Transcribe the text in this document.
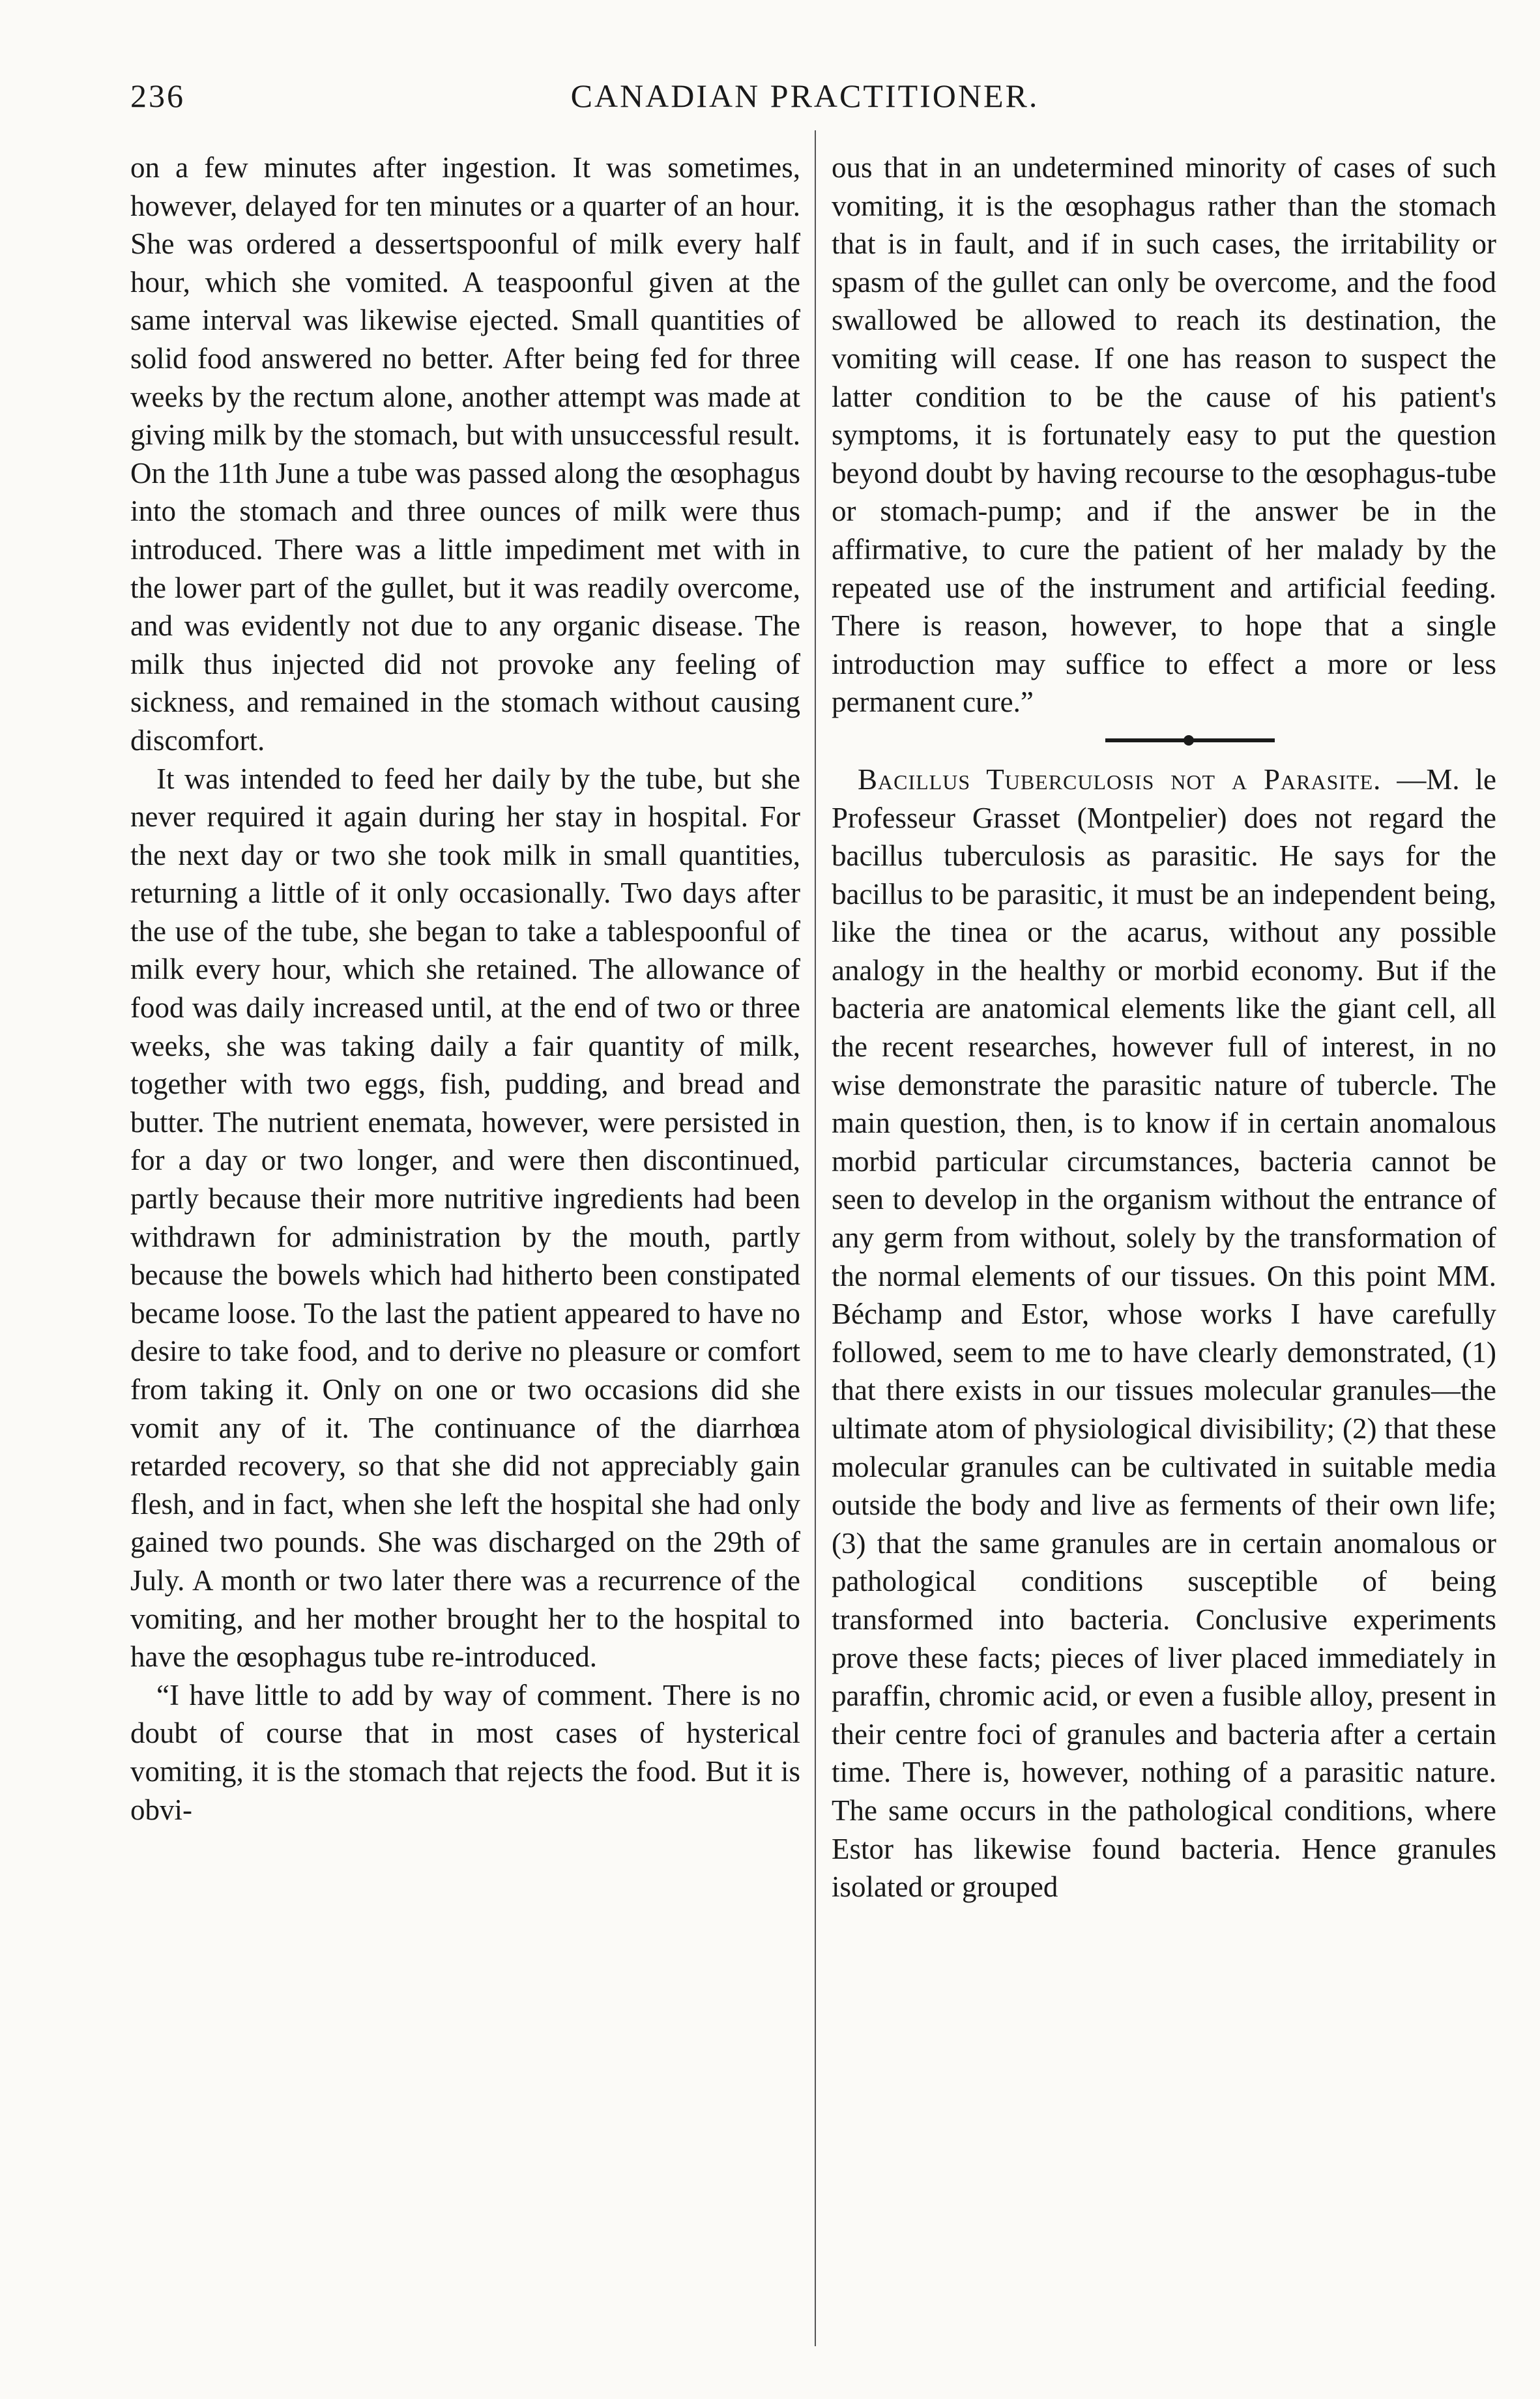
236	CANADIAN PRACTITIONER.

on a few minutes after ingestion. It was sometimes, however, delayed for ten minutes or a quarter of an hour. She was ordered a dessertspoonful of milk every half hour, which she vomited. A teaspoonful given at the same interval was likewise ejected. Small quantities of solid food answered no better. After being fed for three weeks by the rectum alone, another attempt was made at giving milk by the stomach, but with unsuccessful result. On the 11th June a tube was passed along the œsophagus into the stomach and three ounces of milk were thus introduced. There was a little impediment met with in the lower part of the gullet, but it was readily overcome, and was evidently not due to any organic disease. The milk thus injected did not provoke any feeling of sickness, and remained in the stomach without causing discomfort.

It was intended to feed her daily by the tube, but she never required it again during her stay in hospital. For the next day or two she took milk in small quantities, returning a little of it only occasionally. Two days after the use of the tube, she began to take a tablespoonful of milk every hour, which she retained. The allowance of food was daily increased until, at the end of two or three weeks, she was taking daily a fair quantity of milk, together with two eggs, fish, pudding, and bread and butter. The nutrient enemata, however, were persisted in for a day or two longer, and were then discontinued, partly because their more nutritive ingredients had been withdrawn for administration by the mouth, partly because the bowels which had hitherto been constipated became loose. To the last the patient appeared to have no desire to take food, and to derive no pleasure or comfort from taking it. Only on one or two occasions did she vomit any of it. The continuance of the diarrhœa retarded recovery, so that she did not appreciably gain flesh, and in fact, when she left the hospital she had only gained two pounds. She was discharged on the 29th of July. A month or two later there was a recurrence of the vomiting, and her mother brought her to the hospital to have the œsophagus tube re-introduced.

“I have little to add by way of comment. There is no doubt of course that in most cases of hysterical vomiting, it is the stomach that rejects the food. But it is obvi-

ous that in an undetermined minority of cases of such vomiting, it is the œsophagus rather than the stomach that is in fault, and if in such cases, the irritability or spasm of the gullet can only be overcome, and the food swallowed be allowed to reach its destination, the vomiting will cease. If one has reason to suspect the latter condition to be the cause of his patient's symptoms, it is fortunately easy to put the question beyond doubt by having recourse to the œsophagus-tube or stomach-pump; and if the answer be in the affirmative, to cure the patient of her malady by the repeated use of the instrument and artificial feeding. There is reason, however, to hope that a single introduction may suffice to effect a more or less permanent cure.”

Bacillus Tuberculosis not a Parasite. —M. le Professeur Grasset (Montpelier) does not regard the bacillus tuberculosis as parasitic. He says for the bacillus to be parasitic, it must be an independent being, like the tinea or the acarus, without any possible analogy in the healthy or morbid economy. But if the bacteria are anatomical elements like the giant cell, all the recent researches, however full of interest, in no wise demonstrate the parasitic nature of tubercle. The main question, then, is to know if in certain anomalous morbid particular circumstances, bacteria cannot be seen to develop in the organism without the entrance of any germ from without, solely by the transformation of the normal elements of our tissues. On this point MM. Béchamp and Estor, whose works I have carefully followed, seem to me to have clearly demonstrated, (1) that there exists in our tissues molecular granules—the ultimate atom of physiological divisibility; (2) that these molecular granules can be cultivated in suitable media outside the body and live as ferments of their own life; (3) that the same granules are in certain anomalous or pathological conditions susceptible of being transformed into bacteria. Conclusive experiments prove these facts; pieces of liver placed immediately in paraffin, chromic acid, or even a fusible alloy, present in their centre foci of granules and bacteria after a certain time. There is, however, nothing of a parasitic nature. The same occurs in the pathological conditions, where Estor has likewise found bacteria. Hence granules isolated or grouped
